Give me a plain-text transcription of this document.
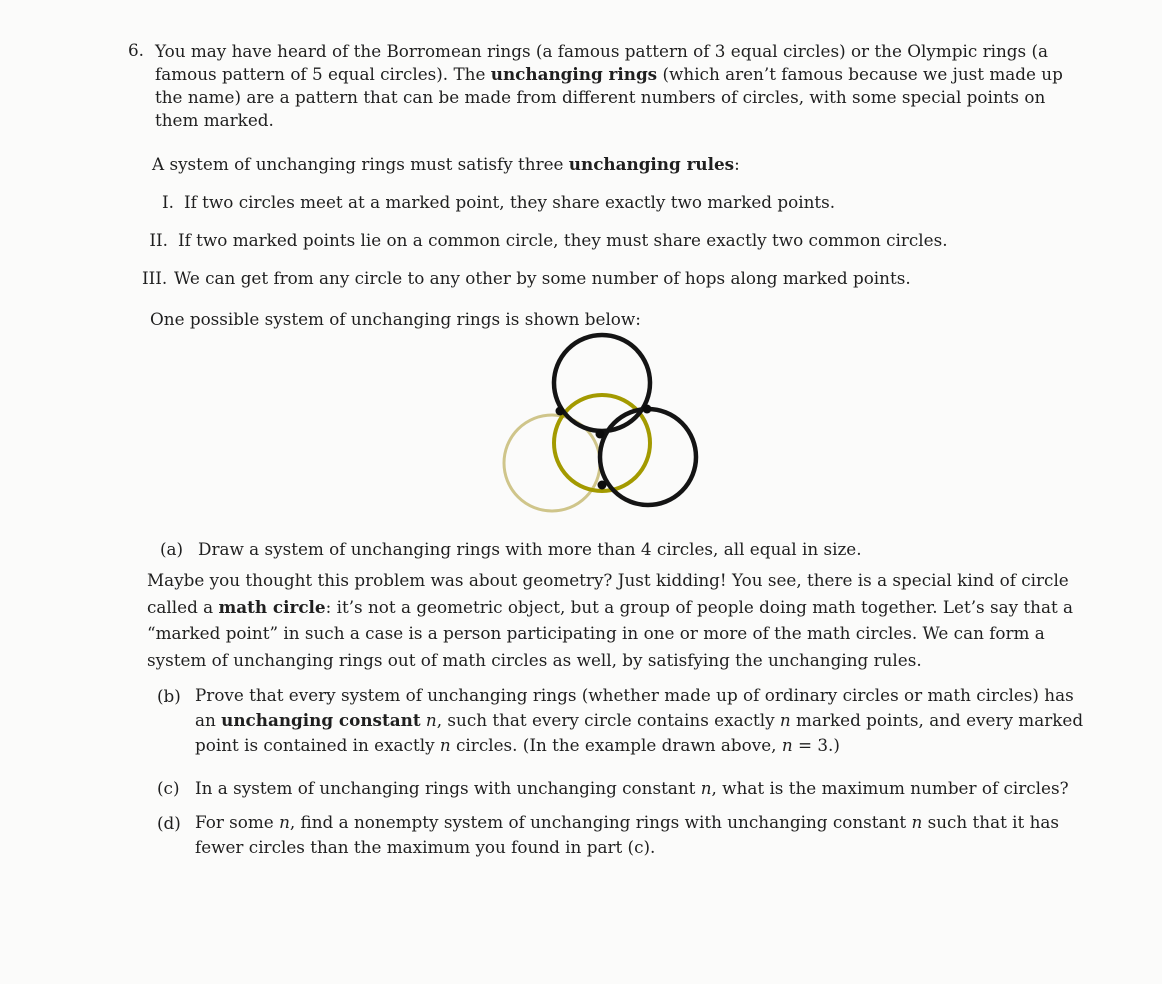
6. You may have heard of the Borromean rings (a famous pattern of 3 equal circles) or the Olympic rings (a famous pattern of 5 equal circles). The unchanging rings (which aren’t famous because we just made up the name) are a pattern that can be made from different numbers of circles, with some special points on them marked.
A system of unchanging rings must satisfy three unchanging rules:
I. If two circles meet at a marked point, they share exactly two marked points.
II. If two marked points lie on a common circle, they must share exactly two common circles.
III. We can get from any circle to any other by some number of hops along marked points.
One possible system of unchanging rings is shown below:
(a) Draw a system of unchanging rings with more than 4 circles, all equal in size.
Maybe you thought this problem was about geometry? Just kidding! You see, there is a special kind of circle called a math circle: it’s not a geometric object, but a group of people doing math together. Let’s say that a “marked point” in such a case is a person participating in one or more of the math circles. We can form a system of unchanging rings out of math circles as well, by satisfying the unchanging rules.
(b) Prove that every system of unchanging rings (whether made up of ordinary circles or math circles) has an unchanging constant n, such that every circle contains exactly n marked points, and every marked point is contained in exactly n circles. (In the example drawn above, n = 3.)
(c) In a system of unchanging rings with unchanging constant n, what is the maximum number of circles?
(d) For some n, find a nonempty system of unchanging rings with unchanging constant n such that it has fewer circles than the maximum you found in part (c).
